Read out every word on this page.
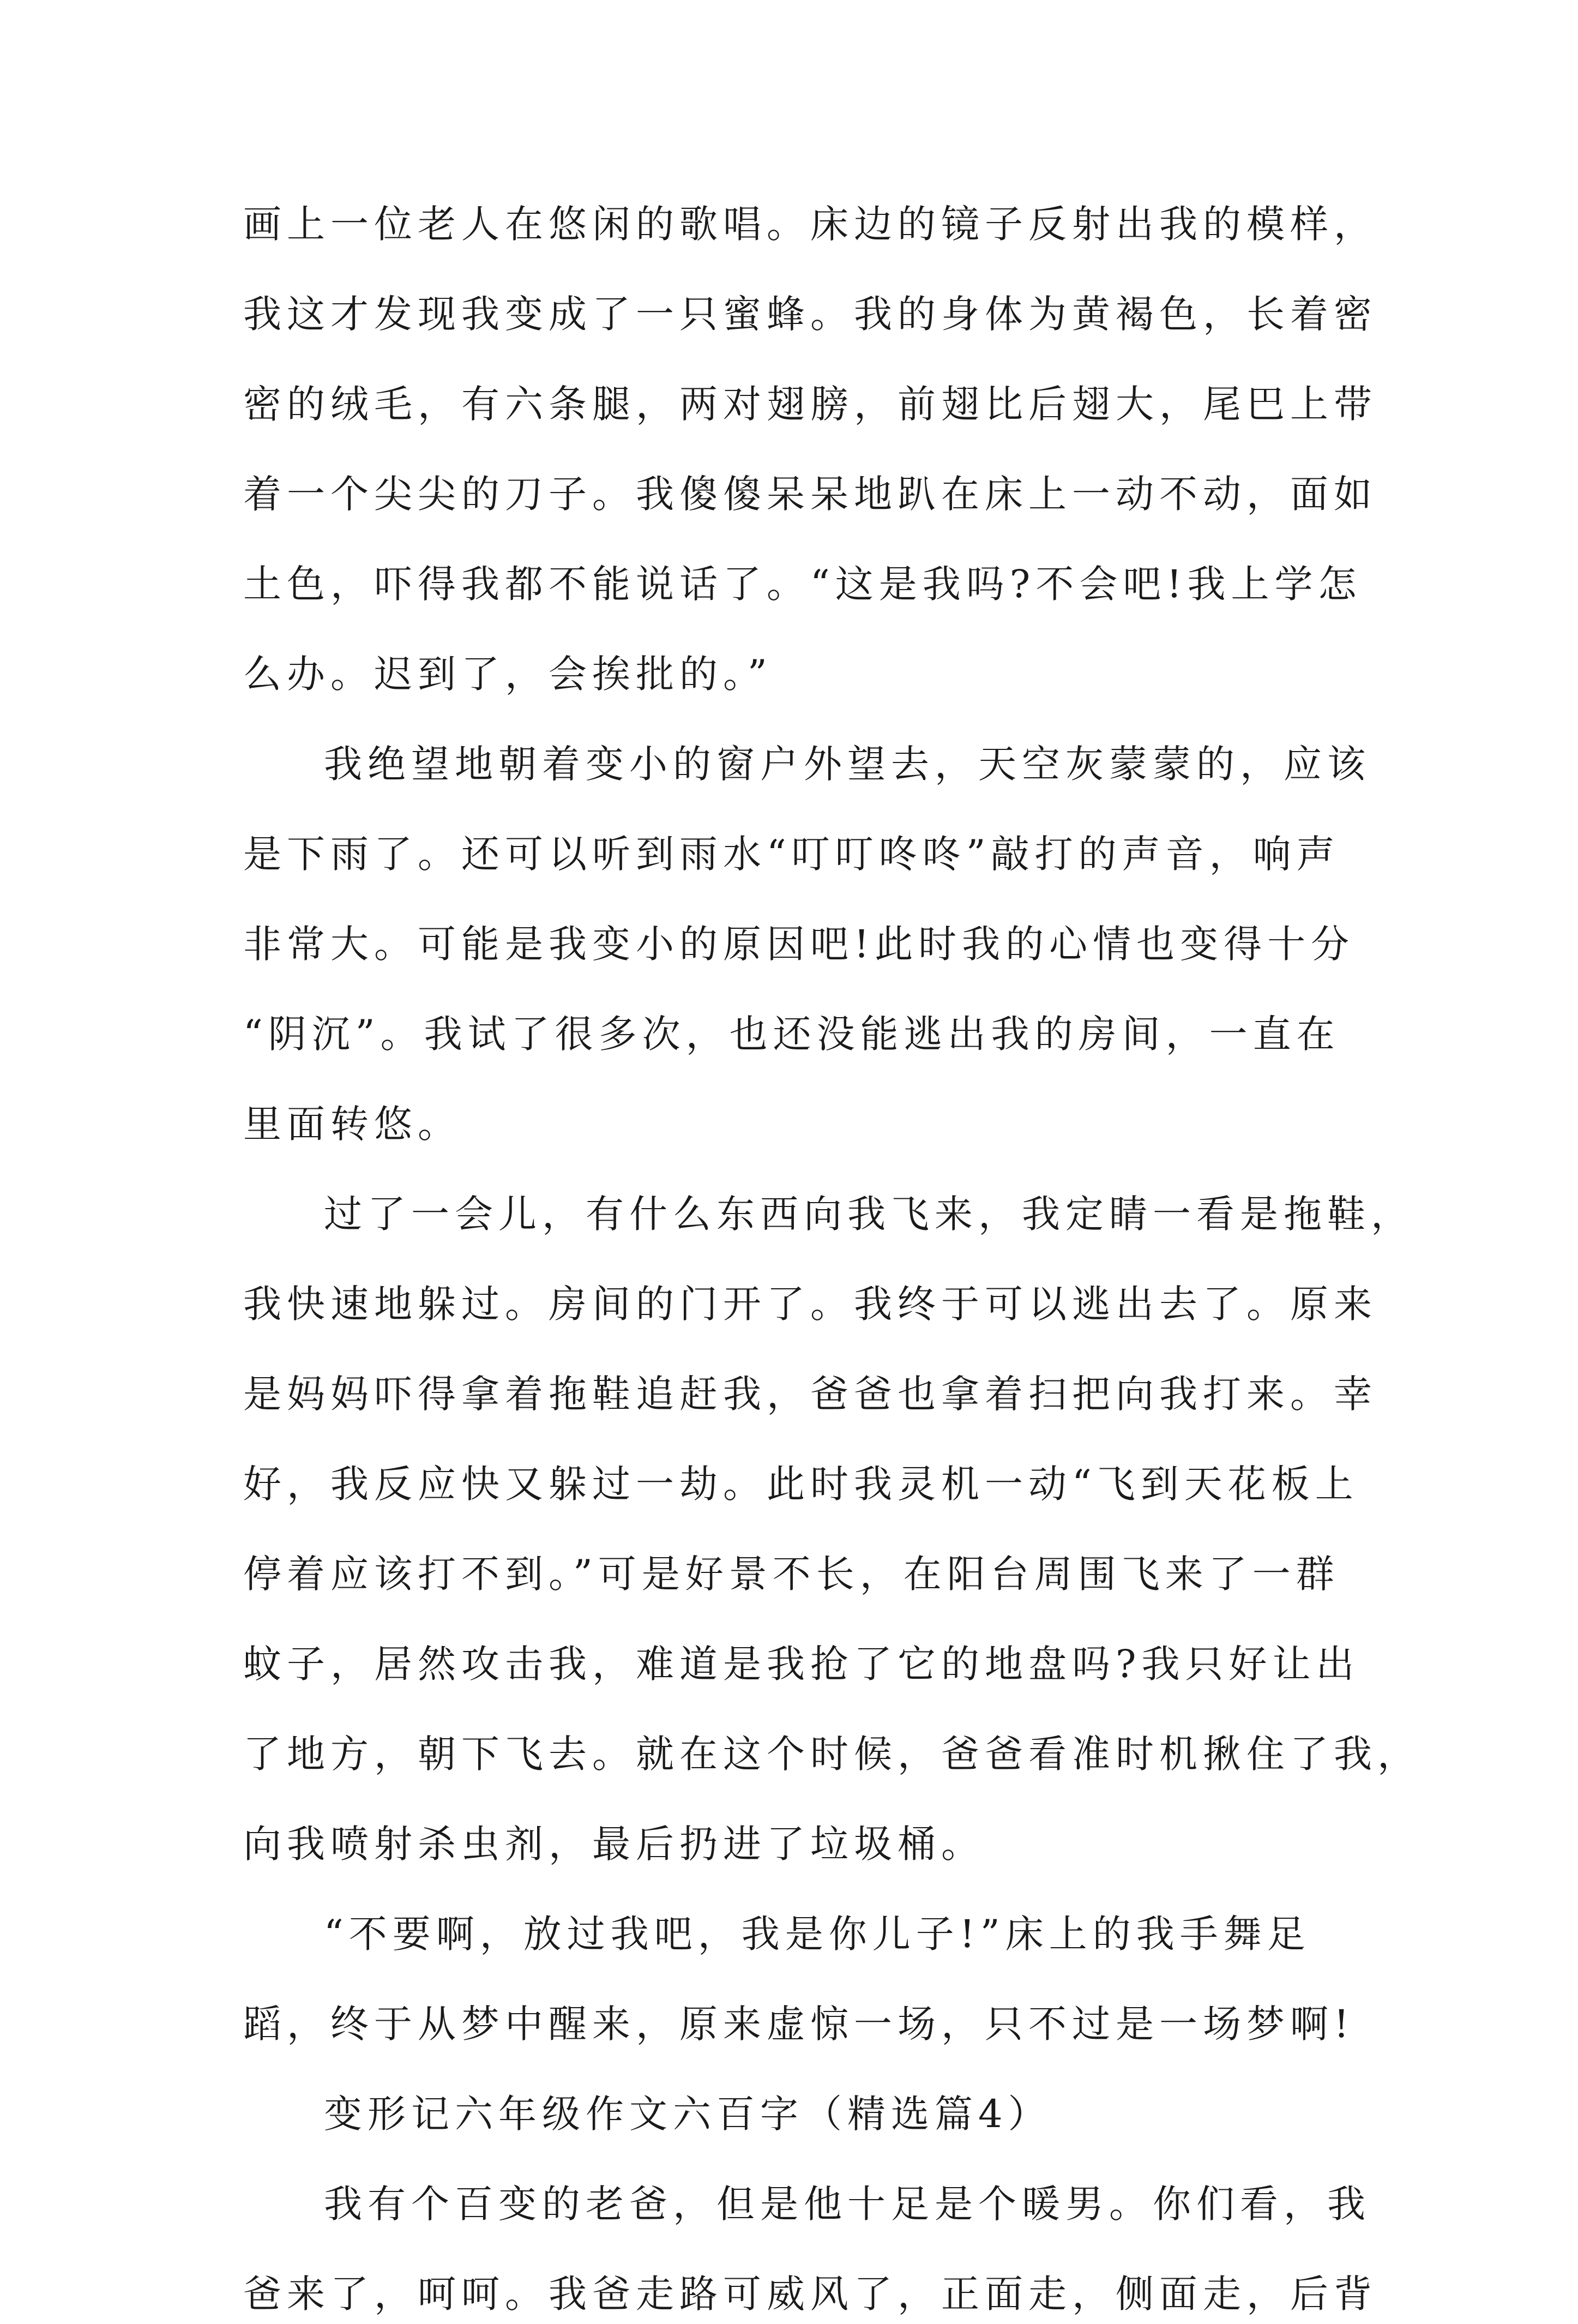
画上一位老人在悠闲的歌唱。床边的镜子反射出我的模样，
我这才发现我变成了一只蜜蜂。我的身体为黄褐色，长着密
密的绒毛，有六条腿，两对翅膀，前翅比后翅大，尾巴上带
着一个尖尖的刀子。我傻傻呆呆地趴在床上一动不动，面如
土色，吓得我都不能说话了。“这是我吗?不会吧!我上学怎
么办。迟到了，会挨批的。”
我绝望地朝着变小的窗户外望去，天空灰蒙蒙的，应该
是下雨了。还可以听到雨水“叮叮咚咚”敲打的声音，响声
非常大。可能是我变小的原因吧!此时我的心情也变得十分
“阴沉”。我试了很多次，也还没能逃出我的房间，一直在
里面转悠。
过了一会儿，有什么东西向我飞来，我定睛一看是拖鞋，
我快速地躲过。房间的门开了。我终于可以逃出去了。原来
是妈妈吓得拿着拖鞋追赶我，爸爸也拿着扫把向我打来。幸
好，我反应快又躲过一劫。此时我灵机一动“飞到天花板上
停着应该打不到。”可是好景不长，在阳台周围飞来了一群
蚊子，居然攻击我，难道是我抢了它的地盘吗?我只好让出
了地方，朝下飞去。就在这个时候，爸爸看准时机揪住了我，
向我喷射杀虫剂，最后扔进了垃圾桶。
“不要啊，放过我吧，我是你儿子!”床上的我手舞足
蹈，终于从梦中醒来，原来虚惊一场，只不过是一场梦啊!
变形记六年级作文六百字（精选篇4）
我有个百变的老爸，但是他十足是个暖男。你们看，我
爸来了，呵呵。我爸走路可威风了，正面走，侧面走，后背
